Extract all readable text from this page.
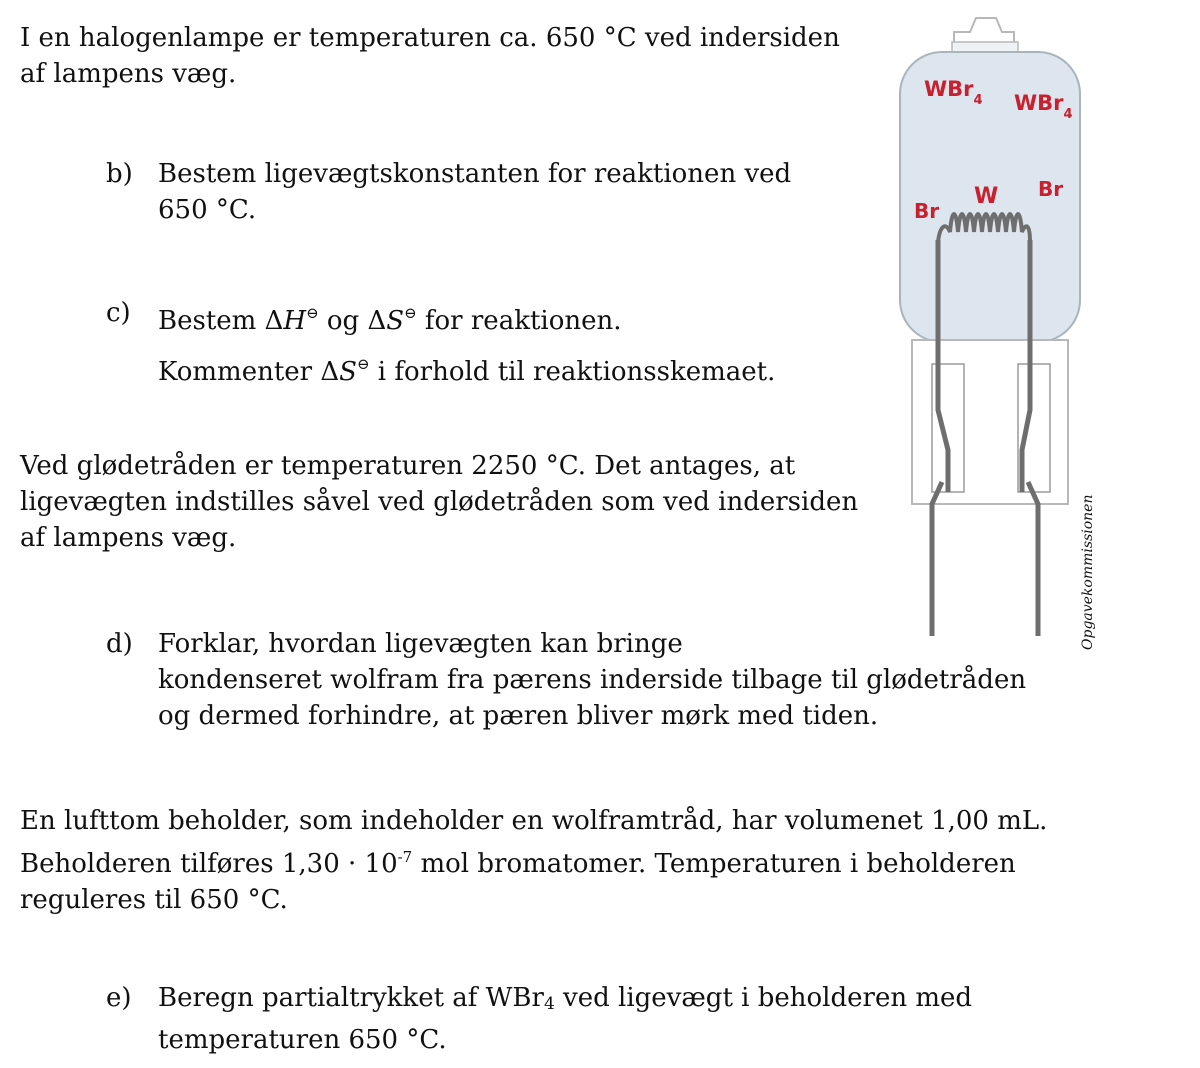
I en halogenlampe er temperaturen ca. 650 °C ved indersiden
af lampens væg.
b) Bestem ligevægtskonstanten for reaktionen ved
650 °C.
c) Bestem ΔH⊖ og ΔS⊖ for reaktionen.
Kommenter ΔS⊖ i forhold til reaktionsskemaet.
Ved glødetråden er temperaturen 2250 °C. Det antages, at
ligevægten indstilles såvel ved glødetråden som ved indersiden
af lampens væg.
d) Forklar, hvordan ligevægten kan bringe
kondenseret wolfram fra pærens inderside tilbage til glødetråden
og dermed forhindre, at pæren bliver mørk med tiden.
En lufttom beholder, som indeholder en wolframtråd, har volumenet 1,00 mL.
Beholderen tilføres $1,30 \cdot 10^{-7}$ mol bromatomer. Temperaturen i beholderen
reguleres til 650 °C.
e) Beregn partialtrykket af WBr$_4$ ved ligevægt i beholderen med
temperaturen 650 °C.
WBr$_4$ WBr$_4$
Br
W Br
Opgavekommissionen
